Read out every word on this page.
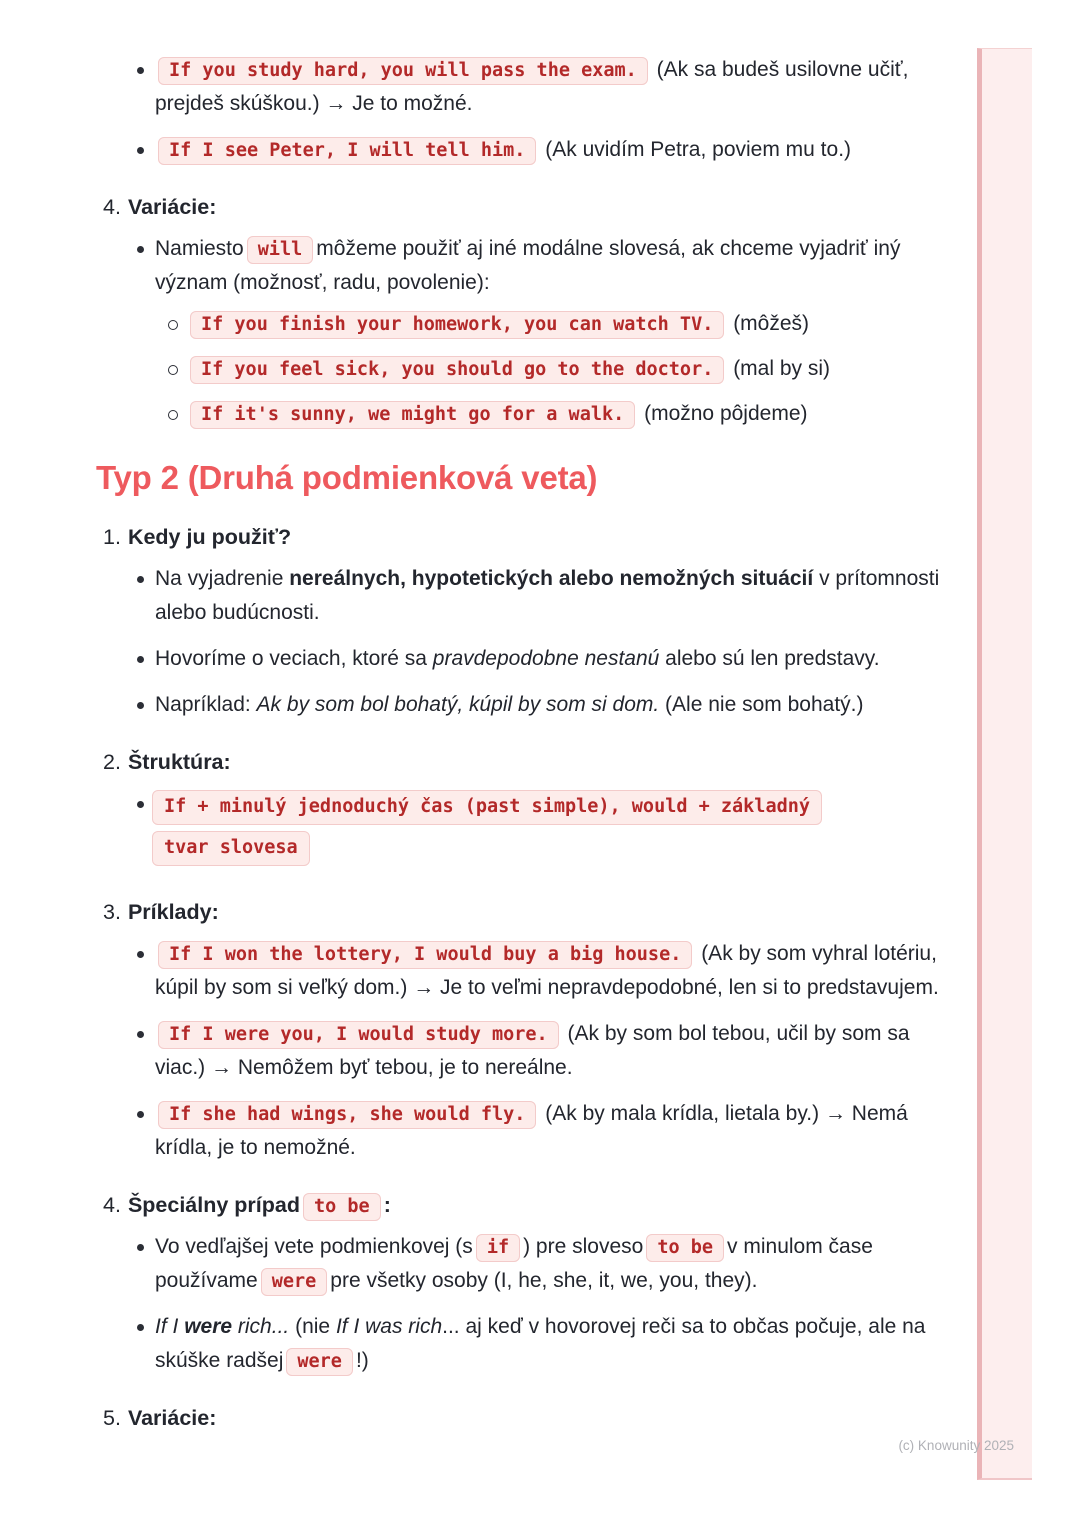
If you study hard, you will pass the exam. (Ak sa budeš usilovne učiť, prejdeš skúškou.) → Je to možné.
If I see Peter, I will tell him. (Ak uvidím Petra, poviem mu to.)
4. Variácie:
Namiesto will môžeme použiť aj iné modálne slovesá, ak chceme vyjadriť iný význam (možnosť, radu, povolenie):
If you finish your homework, you can watch TV. (môžeš)
If you feel sick, you should go to the doctor. (mal by si)
If it's sunny, we might go for a walk. (možno pôjdeme)
Typ 2 (Druhá podmienková veta)
1. Kedy ju použiť?
Na vyjadrenie nereálnych, hypotetických alebo nemožných situácií v prítomnosti alebo budúcnosti.
Hovoríme o veciach, ktoré sa pravdepodobne nestanú alebo sú len predstavy.
Napríklad: Ak by som bol bohatý, kúpil by som si dom. (Ale nie som bohatý.)
2. Štruktúra:
If + minulý jednoduchý čas (past simple), would + základný
tvar slovesa
3. Príklady:
If I won the lottery, I would buy a big house. (Ak by som vyhral lotériu, kúpil by som si veľký dom.) → Je to veľmi nepravdepodobné, len si to predstavujem.
If I were you, I would study more. (Ak by som bol tebou, učil by som sa viac.) → Nemôžem byť tebou, je to nereálne.
If she had wings, she would fly. (Ak by mala krídla, lietala by.) → Nemá krídla, je to nemožné.
4. Špeciálny prípad to be :
Vo vedľajšej vete podmienkovej (s if ) pre sloveso to be v minulom čase používame were pre všetky osoby (I, he, she, it, we, you, they).
If I were rich... (nie If I was rich... aj keď v hovorovej reči sa to občas počuje, ale na skúške radšej were !)
5. Variácie:
(c) Knowunity 2025
